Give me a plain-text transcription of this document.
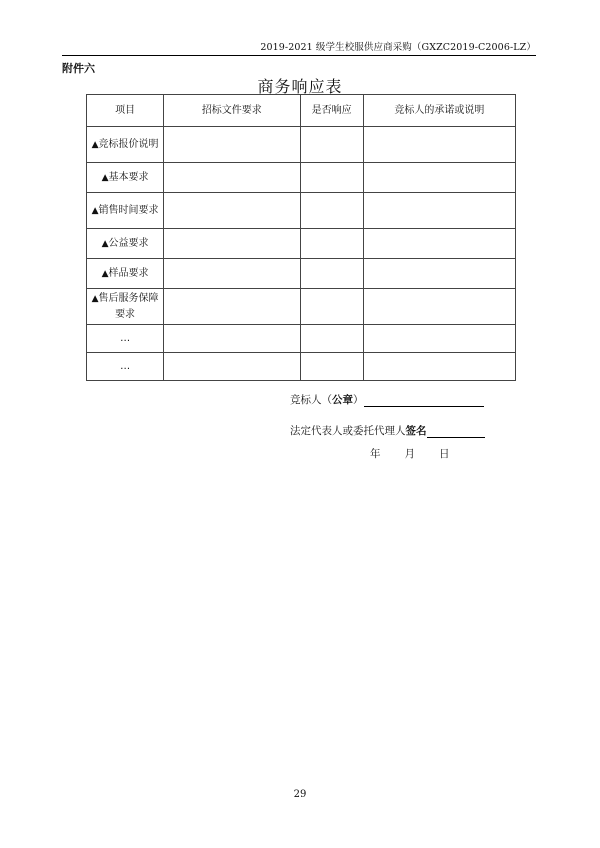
2019-2021 级学生校服供应商采购（GXZC2019-C2006-LZ）
附件六
商务响应表
项目	招标文件要求	是否响应	竞标人的承诺或说明
▲竞标报价说明			
▲基本要求			
▲销售时间要求			
▲公益要求			
▲样品要求			
▲售后服务保障要求			
…			
…			
竞标人（公章）
法定代表人或委托代理人签名
年 月 日
29
